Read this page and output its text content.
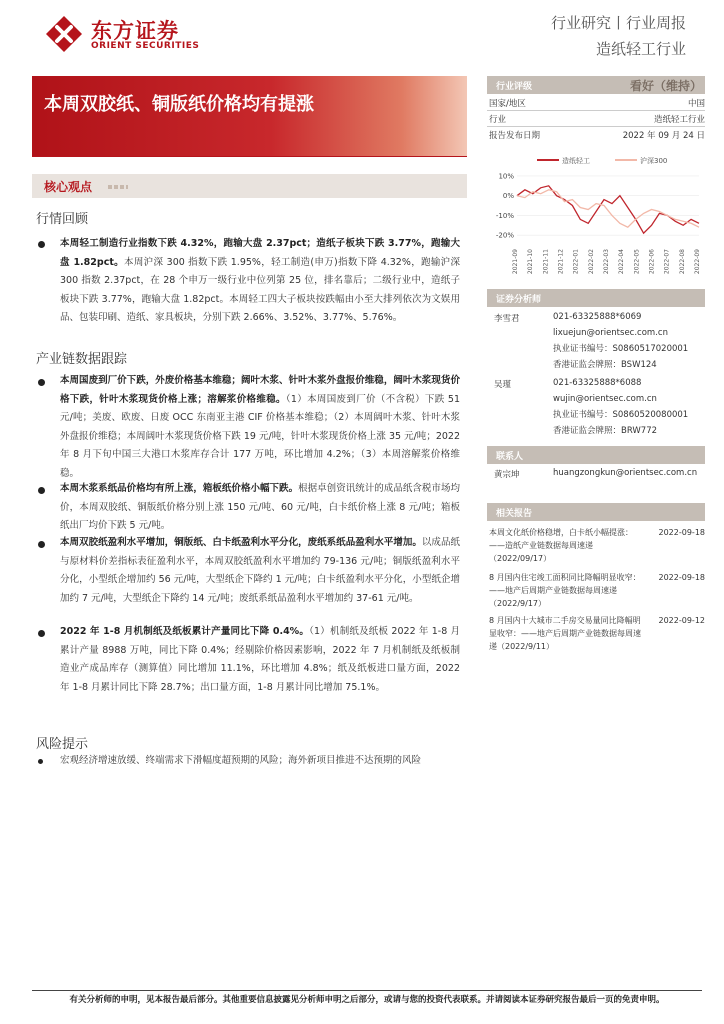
东方证券
ORIENT SECURITIES
行业研究丨行业周报
造纸轻工行业
——造纸产业链数据每周速递（2022/09/24）
本周双胶纸、铜版纸价格均有提涨
核心观点
行情回顾
本周轻工制造行业指数下跌 4.32%，跑输大盘 2.37pct；造纸子板块下跌 3.77%，跑输大盘 1.82pct。本周沪深 300 指数下跌 1.95%，轻工制造(申万)指数下降 4.32%，跑输沪深 300 指数 2.37pct，在 28 个申万一级行业中位列第 25 位，排名靠后；二级行业中，造纸子板块下跌 3.77%，跑输大盘 1.82pct。本周轻工四大子板块按跌幅由小至大排列依次为文娱用品、包装印刷、造纸、家具板块，分别下跌 2.66%、3.52%、3.77%、5.76%。
产业链数据跟踪
本周国废到厂价下跌，外废价格基本维稳；阔叶木浆、针叶木浆外盘报价维稳，阔叶木浆现货价格下跌，针叶木浆现货价格上涨；溶解浆价格维稳。（1）本周国废到厂价（不含税）下跌 51 元/吨；美废、欧废、日废 OCC 东南亚主港 CIF 价格基本维稳；（2）本周阔叶木浆、针叶木浆外盘报价维稳；本周阔叶木浆现货价格下跌 19 元/吨，针叶木浆现货价格上涨 35 元/吨；2022 年 8 月下旬中国三大港口木浆库存合计 177 万吨，环比增加 4.2%；（3）本周溶解浆价格维稳。
本周木浆系纸品价格均有所上涨，箱板纸价格小幅下跌。根据卓创资讯统计的成品纸含税市场均价，本周双胶纸、铜版纸价格分别上涨 150 元/吨、60 元/吨，白卡纸价格上涨 8 元/吨；箱板纸出厂均价下跌 5 元/吨。
本周双胶纸盈利水平增加，铜版纸、白卡纸盈利水平分化，废纸系纸品盈利水平增加。以成品纸与原材料价差指标表征盈利水平，本周双胶纸盈利水平增加约 79-136 元/吨；铜版纸盈利水平分化，小型纸企增加约 56 元/吨，大型纸企下降约 1 元/吨；白卡纸盈利水平分化，小型纸企增加约 7 元/吨，大型纸企下降约 14 元/吨；废纸系纸品盈利水平增加约 37-61 元/吨。
2022 年 1-8 月机制纸及纸板累计产量同比下降 0.4%。（1）机制纸及纸板 2022 年 1-8 月累计产量 8988 万吨，同比下降 0.4%；经剔除价格因素影响，2022 年 7 月机制纸及纸板制造业产成品库存（测算值）同比增加 11.1%，环比增加 4.8%；纸及纸板进口量方面，2022 年 1-8 月累计同比下降 28.7%；出口量方面，1-8 月累计同比增加 75.1%。
风险提示
宏观经济增速放缓、终端需求下滑幅度超预期的风险；海外新项目推进不达预期的风险
行业评级	看好（维持）
国家/地区	中国
行业	造纸轻工行业
报告发布日期	2022 年 09 月 24 日
造纸轻工	沪深300
10%
0%
-10%
-20%
2021-09 2021-10 2021-11 2021-12 2022-01 2022-02 2022-03 2022-04 2022-05 2022-06 2022-07 2022-08 2022-09
证券分析师
李雪君	021-63325888*6069
lixuejun@orientsec.com.cn
执业证书编号：S0860517020001
香港证监会牌照：BSW124
吴瑾	021-63325888*6088
wujin@orientsec.com.cn
执业证书编号：S0860520080001
香港证监会牌照：BRW772
联系人
黄宗坤	huangzongkun@orientsec.com.cn
相关报告
本周文化纸价格稳增，白卡纸小幅提涨：——造纸产业链数据每周速递（2022/09/17）
2022-09-18
8 月国内住宅竣工面积同比降幅明显收窄：——地产后周期产业链数据每周速递（2022/9/17）
2022-09-18
8 月国内十大城市二手房交易量同比降幅明显收窄：——地产后周期产业链数据每周速递（2022/9/11）
2022-09-12
有关分析师的申明，见本报告最后部分。其他重要信息披露见分析师申明之后部分，或请与您的投资代表联系。并请阅读本证券研究报告最后一页的免责申明。
